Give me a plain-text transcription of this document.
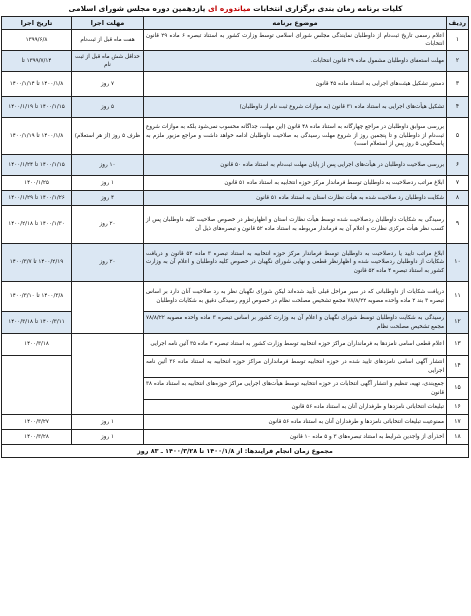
کلیات برنامه زمان بندی برگزاری انتخابات میاندوره ای یازدهمین دوره مجلس شورای اسلامی
ردیف	موضوع برنامه	مهلت اجرا	تاریخ اجرا
۱	اعلام رسمی تاریخ ثبت‌نام از داوطلبان نمایندگی مجلس شورای اسلامی توسط وزارت کشور به استناد تبصره ۶ ماده ۲۹ قانون انتخابات	هفت ماه قبل از ثبت‌نام	۱۳۹۹/۶/۸
۲	مهلت استعفای داوطلبان مشمول ماده ۲۹ قانون انتخابات.	حداقل شش ماه قبل از ثبت نام	۱۳۹۹/۷/۱۴ تا
۳	دستور تشکیل هیئت‌های اجرایی به استناد ماده ۴۵ قانون	۷ روز	۱۴۰۰/۱/۸ تا ۱۴۰۰/۱/۱۴
۴	تشکیل هیأت‌های اجرایی به استناد ماده ۳۱ قانون (به موازات شروع ثبت نام از داوطلبان)	۵ روز	۱۴۰۰/۱/۱۵ تا ۱۴۰۰/۱/۱۹
۵	بررسی سوابق داوطلبان در مراجع چهارگانه به استناد ماده ۴۸ قانون (این مهلت، جداگانه محسوب نمی‌شود بلکه به موازات شروع ثبت‌نام از داوطلبان و تا پنجمین روز از شروع مهلت رسیدگی به صلاحیت داوطلبان ادامه خواهد داشت و مراجع مزبور ملزم به پاسخگویی ۵ روز پس از استعلام است)	ظرف ۵ روز (از هر استعلام)	۱۴۰۰/۱/۸ تا ۱۴۰۰/۱/۱۹
۶	بررسی صلاحیت داوطلبان در هیأت‌های اجرایی پس از پایان مهلت ثبت‌نام به استناد ماده ۵۰ قانون	۱۰ روز	۱۴۰۰/۱/۱۵ تا ۱۴۰۰/۱/۲۴
۷	ابلاغ مراتب ردصلاحیت به داوطلبان توسط فرماندار مرکز حوزه انتخابیه به استناد ماده ۵۱ قانون	۱ روز	۱۴۰۰/۱/۲۵
۸	شکایت داوطلبان رد صلاحیت شده به هیأت نظارت استان به استناد ماده ۵۱ قانون	۴ روز	۱۴۰۰/۱/۲۶ تا ۱۴۰۰/۱/۲۹
۹	رسیدگی به شکایات داوطلبان ردصلاحیت شده توسط هیأت نظارت استان و اظهارنظر در خصوص صلاحیت کلیه داوطلبان پس از کسب نظر هیأت مرکزی نظارت و اعلام آن به فرماندار مربوطه به استناد ماده ۵۲ قانون و تبصره‌های ذیل آن	۲۰ روز	۱۴۰۰/۱/۳۰ تا ۱۴۰۰/۲/۱۸
۱۰	ابلاغ مراتب تایید یا ردصلاحیت به داوطلبان توسط فرماندار مرکز حوزه انتخابیه به استناد تبصره ۳ ماده ۵۲ قانون و دریافت شکایات از داوطلبان ردصلاحیت شده و اظهارنظر قطعی و نهایی شورای نگهبان در خصوص کلیه داوطلبان و اعلام آن به وزارت کشور به استناد تبصره ۴ ماده ۵۲ قانون	۲۰ روز	۱۴۰۰/۲/۱۹ تا ۱۴۰۰/۳/۷
۱۱	دریافت شکایات از داوطلبانی که در سیر مراحل قبلی تأیید شده‌اند لیکن شورای نگهبان نظر به رد صلاحیت آنان دارد بر اساس تبصره ۳ بند ۲ ماده واحده مصوبه ۷۸/۸/۲۲ مجمع تشخیص مصلحت نظام در خصوص لزوم رسیدگی دقیق به شکایات داوطلبان		۱۴۰۰/۳/۸ تا ۱۴۰۰/۳/۱۰
۱۲	رسیدگی به شکایت داوطلبان توسط شورای نگهبان و اعلام آن به وزارت کشور بر اساس تبصره ۳ ماده واحده مصوبه ۷۸/۸/۲۲ مجمع تشخیص مصلحت نظام		۱۴۰۰/۳/۱۱ تا ۱۴۰۰/۳/۱۸
۱۳	اعلام قطعی اسامی نامزدها به فرمانداران مراکز حوزه انتخابیه توسط وزارت کشور به استناد تبصره ۳ ماده ۳۵ آئین نامه اجرایی		۱۴۰۰/۳/۱۸
۱۴	انتشار آگهی اسامی نامزدهای تایید شده در حوزه انتخابیه توسط فرمانداران مراکز حوزه انتخابیه به استناد ماده ۳۶ آئین نامه اجرایی		
۱۵	جمع‌بندی، تهیه، تنظیم و انتشار آگهی انتخابات در حوزه انتخابیه توسط هیأت‌های اجرایی مراکز حوزه‌های انتخابیه به استناد ماده ۳۸ قانون		
۱۶	تبلیغات انتخاباتی نامزدها و طرفداران آنان به استناد ماده ۵۶ قانون		
۱۷	ممنوعیت تبلیغات انتخاباتی نامزدها و طرفداران آنان به استناد ماده ۵۶ قانون	۱ روز	۱۴۰۰/۳/۲۷
۱۸	اخذرأی از واجدین شرایط به استناد تبصره‌های ۳ و ۵ ماده ۱۰ قانون	۱ روز	۱۴۰۰/۳/۲۸
مجموع زمان انجام فرایندها: از ۱۴۰۰/۱/۸ تا ۱۴۰۰/۳/۲۸ ـ ۸۳ روز			
